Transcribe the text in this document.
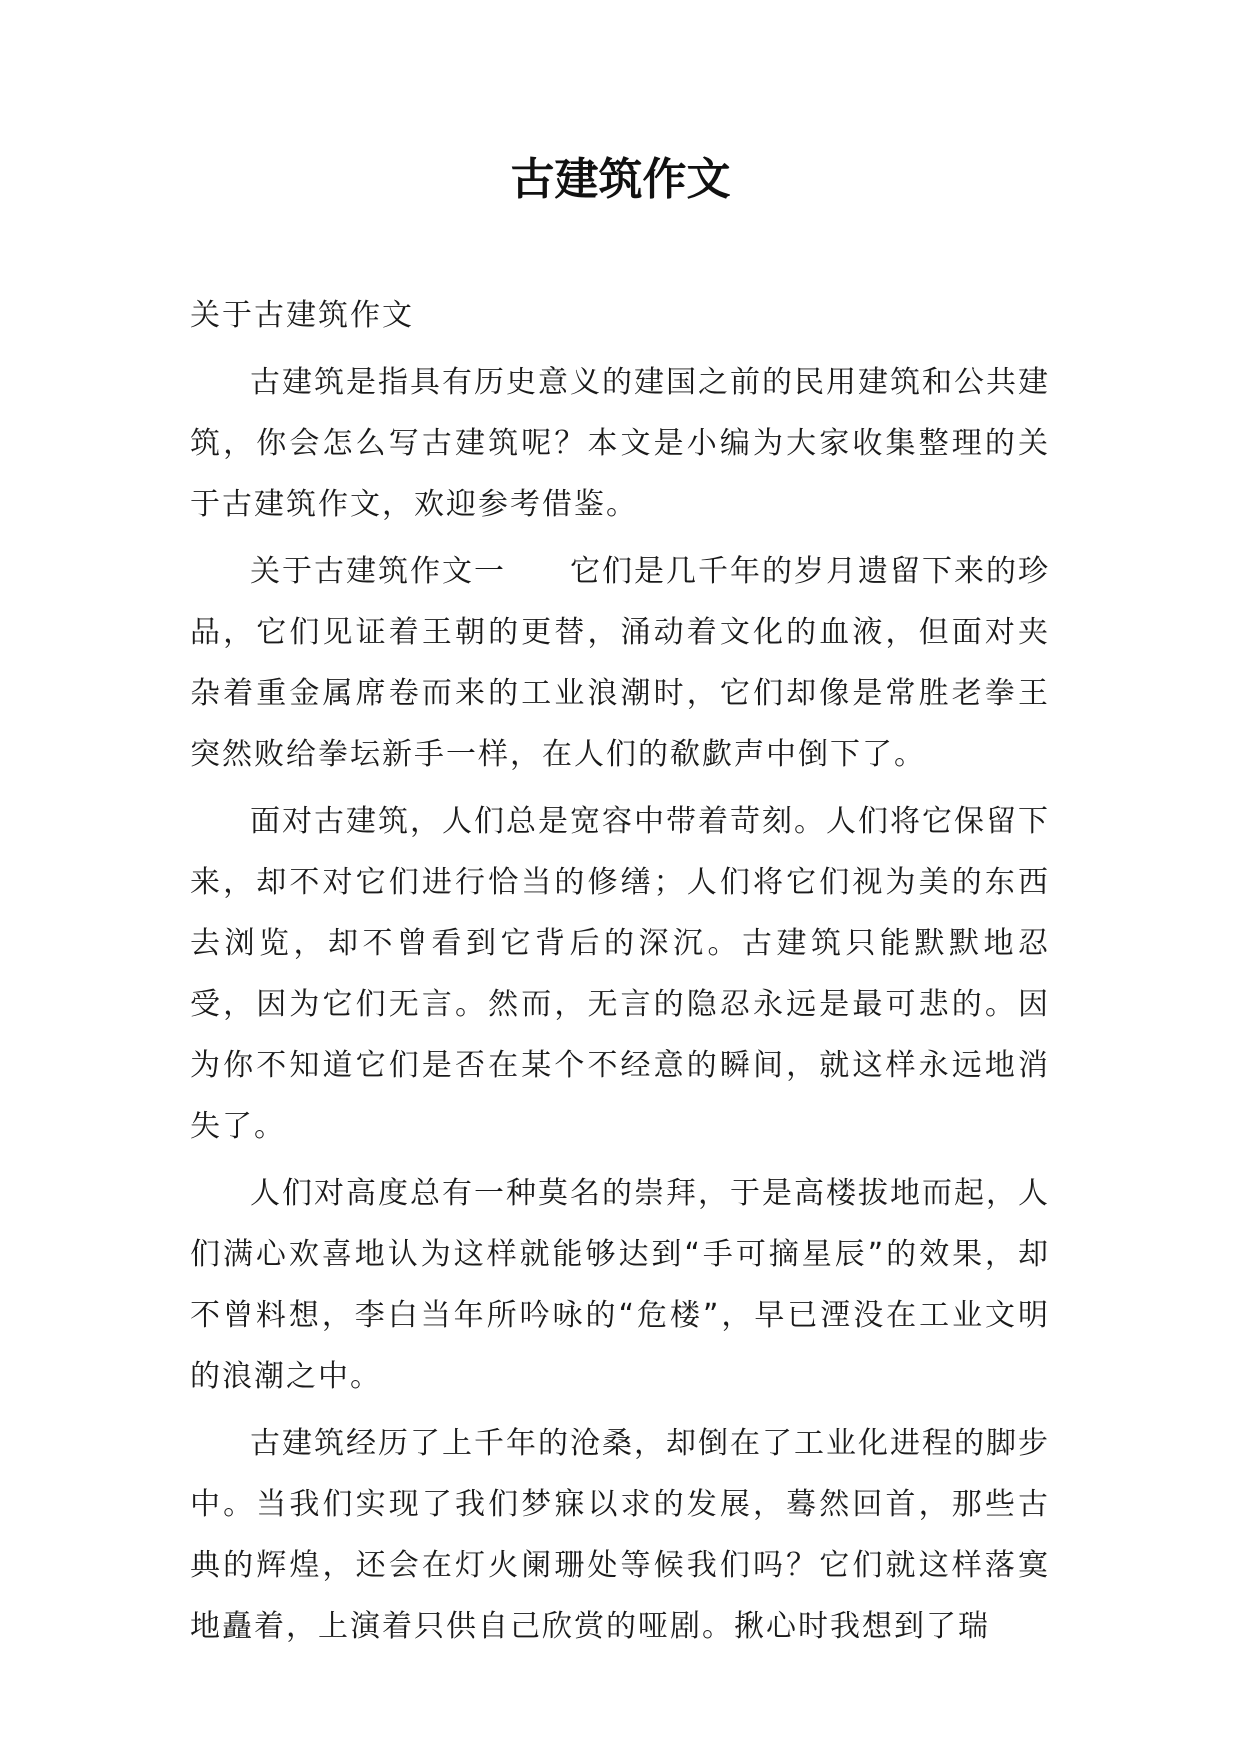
古建筑作文
关于古建筑作文
古建筑是指具有历史意义的建国之前的民用建筑和公共建筑，你会怎么写古建筑呢？本文是小编为大家收集整理的关于古建筑作文，欢迎参考借鉴。
关于古建筑作文一　　它们是几千年的岁月遗留下来的珍品，它们见证着王朝的更替，涌动着文化的血液，但面对夹杂着重金属席卷而来的工业浪潮时，它们却像是常胜老拳王突然败给拳坛新手一样，在人们的欷歔声中倒下了。
面对古建筑，人们总是宽容中带着苛刻。人们将它保留下来，却不对它们进行恰当的修缮；人们将它们视为美的东西去浏览，却不曾看到它背后的深沉。古建筑只能默默地忍受，因为它们无言。然而，无言的隐忍永远是最可悲的。因为你不知道它们是否在某个不经意的瞬间，就这样永远地消失了。
人们对高度总有一种莫名的崇拜，于是高楼拔地而起，人们满心欢喜地认为这样就能够达到“手可摘星辰”的效果，却不曾料想，李白当年所吟咏的“危楼”，早已湮没在工业文明的浪潮之中。
古建筑经历了上千年的沧桑，却倒在了工业化进程的脚步中。当我们实现了我们梦寐以求的发展，蓦然回首，那些古典的辉煌，还会在灯火阑珊处等候我们吗？它们就这样落寞地矗着，上演着只供自己欣赏的哑剧。揪心时我想到了瑞
